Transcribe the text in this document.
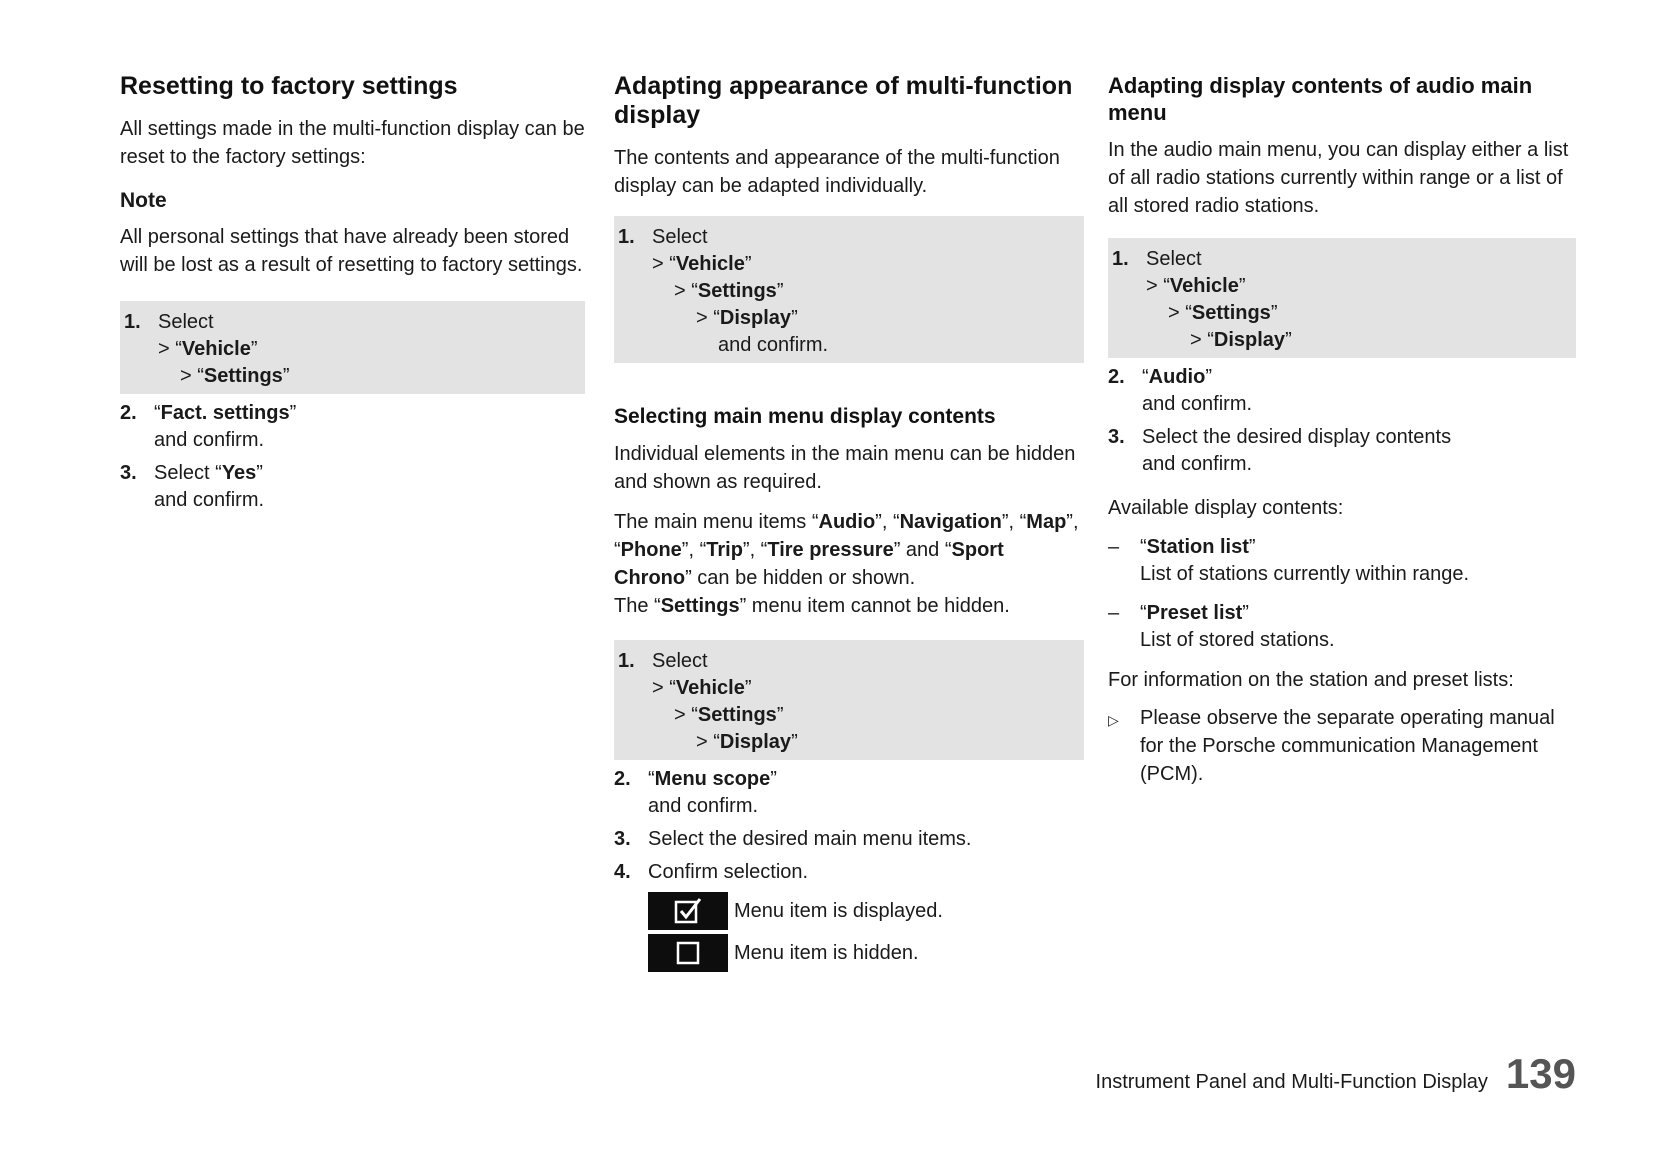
Resetting to factory settings

All settings made in the multi-function display can be reset to the factory settings:

Note

All personal settings that have already been stored will be lost as a result of resetting to factory settings.

1. Select
> “Vehicle”
> “Settings”
2. “Fact. settings”
and confirm.
3. Select “Yes”
and confirm.
Adapting appearance of multi-function display

The contents and appearance of the multi-function display can be adapted individually.

1. Select
> “Vehicle”
> “Settings”
> “Display”
and confirm.
Selecting main menu display contents

Individual elements in the main menu can be hidden and shown as required.

The main menu items “Audio”, “Navigation”, “Map”, “Phone”, “Trip”, “Tire pressure” and “Sport Chrono” can be hidden or shown.
The “Settings” menu item cannot be hidden.

1. Select
> “Vehicle”
> “Settings”
> “Display”
2. “Menu scope”
and confirm.
3. Select the desired main menu items.
4. Confirm selection.
Menu item is displayed.
Menu item is hidden.
Adapting display contents of audio main menu

In the audio main menu, you can display either a list of all radio stations currently within range or a list of all stored radio stations.

1. Select
> “Vehicle”
> “Settings”
> “Display”
2. “Audio”
and confirm.
3. Select the desired display contents
and confirm.

Available display contents:

–	“Station list”
List of stations currently within range.
–	“Preset list”
List of stored stations.

For information on the station and preset lists:

▷	Please observe the separate operating manual for the Porsche communication Management (PCM).
Instrument Panel and Multi-Function Display 139
